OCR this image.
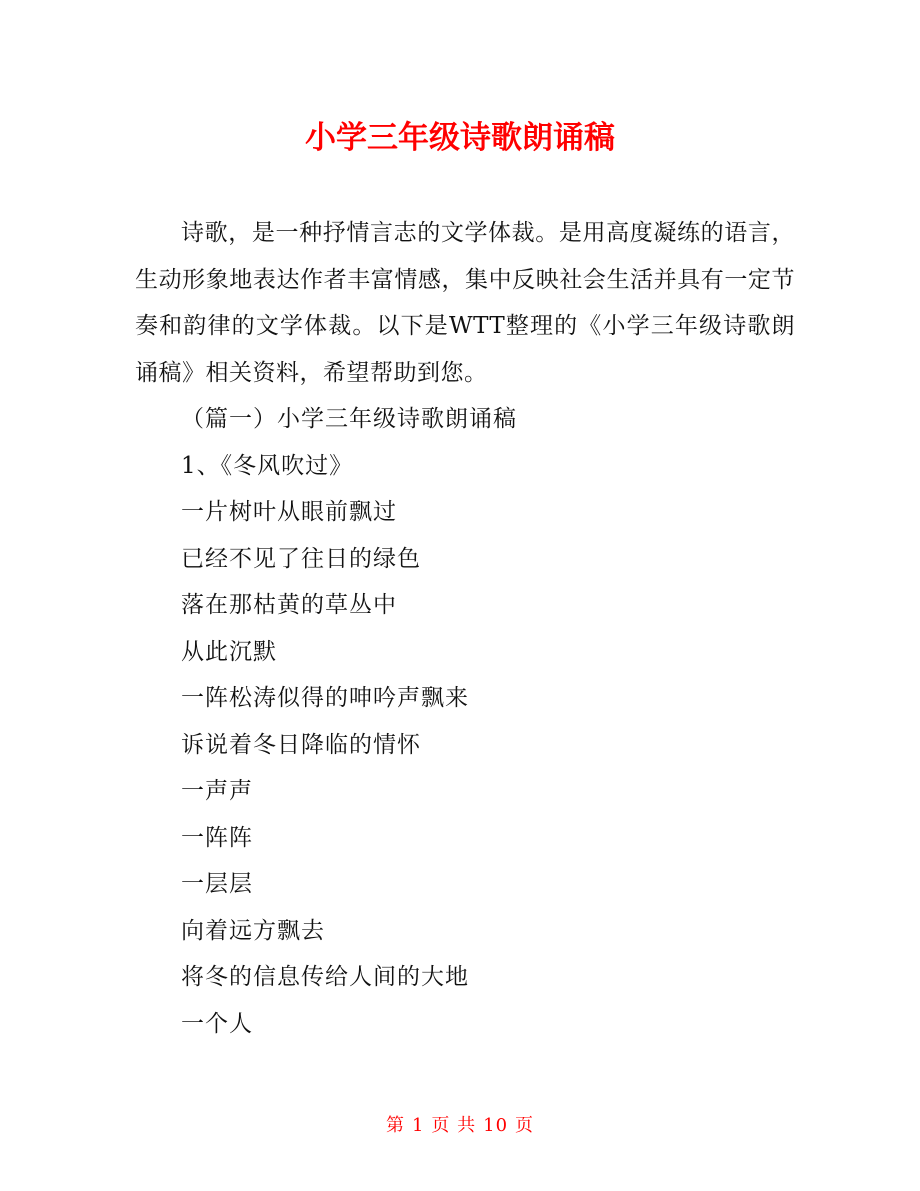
小学三年级诗歌朗诵稿

诗歌，是一种抒情言志的文学体裁。是用高度凝练的语言，生动形象地表达作者丰富情感，集中反映社会生活并具有一定节奏和韵律的文学体裁。以下是WTT整理的《小学三年级诗歌朗诵稿》相关资料，希望帮助到您。

（篇一）小学三年级诗歌朗诵稿

1、《冬风吹过》

一片树叶从眼前飘过

已经不见了往日的绿色

落在那枯黄的草丛中

从此沉默

一阵松涛似得的呻吟声飘来

诉说着冬日降临的情怀

一声声

一阵阵

一层层

向着远方飘去

将冬的信息传给人间的大地

一个人

第 1 页 共 10 页
